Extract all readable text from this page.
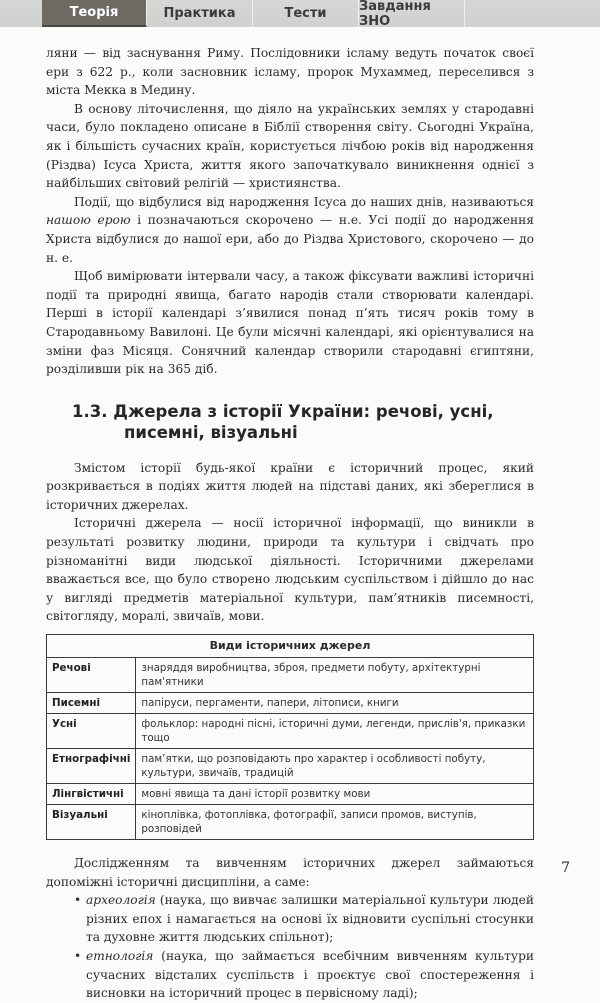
Теорія	Практика	Тести	Завдання ЗНО

ляни — від заснування Риму. Послідовники ісламу ведуть початок своєї ери з 622 р., коли засновник ісламу, пророк Мухаммед, переселився з міста Мекка в Медину.

В основу літочислення, що діяло на українських землях у стародавні часи, було покладено описане в Біблії створення світу. Сьогодні Україна, як і більшість сучасних країн, користується лічбою років від народження (Різдва) Ісуса Христа, життя якого започаткувало виникнення однієї з найбільших світовий релігій — християнства.

Події, що відбулися від народження Ісуса до наших днів, називаються нашою ерою і позначаються скорочено — н.е. Усі події до народження Христа відбулися до нашої ери, або до Різдва Христового, скорочено — до н. е.

Щоб вимірювати інтервали часу, а також фіксувати важливі історичні події та природні явища, багато народів стали створювати календарі. Перші в історії календарі з’явилися понад п’ять тисяч років тому в Стародавньому Вавилоні. Це були місячні календарі, які орієнтувалися на зміни фаз Місяця. Сонячний календар створили стародавні єгиптяни, розділивши рік на 365 діб.

1.3. Джерела з історії України: речові, усні, писемні, візуальні

Змістом історії будь-якої країни є історичний процес, який розкривається в подіях життя людей на підставі даних, які збереглися в історичних джерелах.

Історичні джерела — носії історичної інформації, що виникли в результаті розвитку людини, природи та культури і свідчать про різноманітні види людської діяльності. Історичними джерелами вважається все, що було створено людським суспільством і дійшло до нас у вигляді предметів матеріальної культури, пам’ятників писемності, світогляду, моралі, звичаїв, мови.

Види історичних джерел	
Речові	знаряддя виробництва, зброя, предмети побуту, архітектурні пам'ятники
Писемні	папіруси, пергаменти, папери, літописи, книги
Усні	фольклор: народні пісні, історичні думи, легенди, прислів'я, приказки тощо
Етнографічні	пам’ятки, що розповідають про характер і особливості побуту, культури, звичаїв, традицій
Лінгвістичні	мовні явища та дані історії розвитку мови
Візуальні	кіноплівка, фотоплівка, фотографії, записи промов, виступів, розповідей

Дослідженням та вивченням історичних джерел займаються допоміжні історичні дисципліни, а саме:

• археологія (наука, що вивчає залишки матеріальної культури людей різних епох і намагається на основі їх відновити суспільні стосунки та духовне життя людських спільнот);
• етнологія (наука, що займається всебічним вивченням культури сучасних відсталих суспільств і проєктує свої спостереження і висновки на історичний процес в первісному ладі);
7
